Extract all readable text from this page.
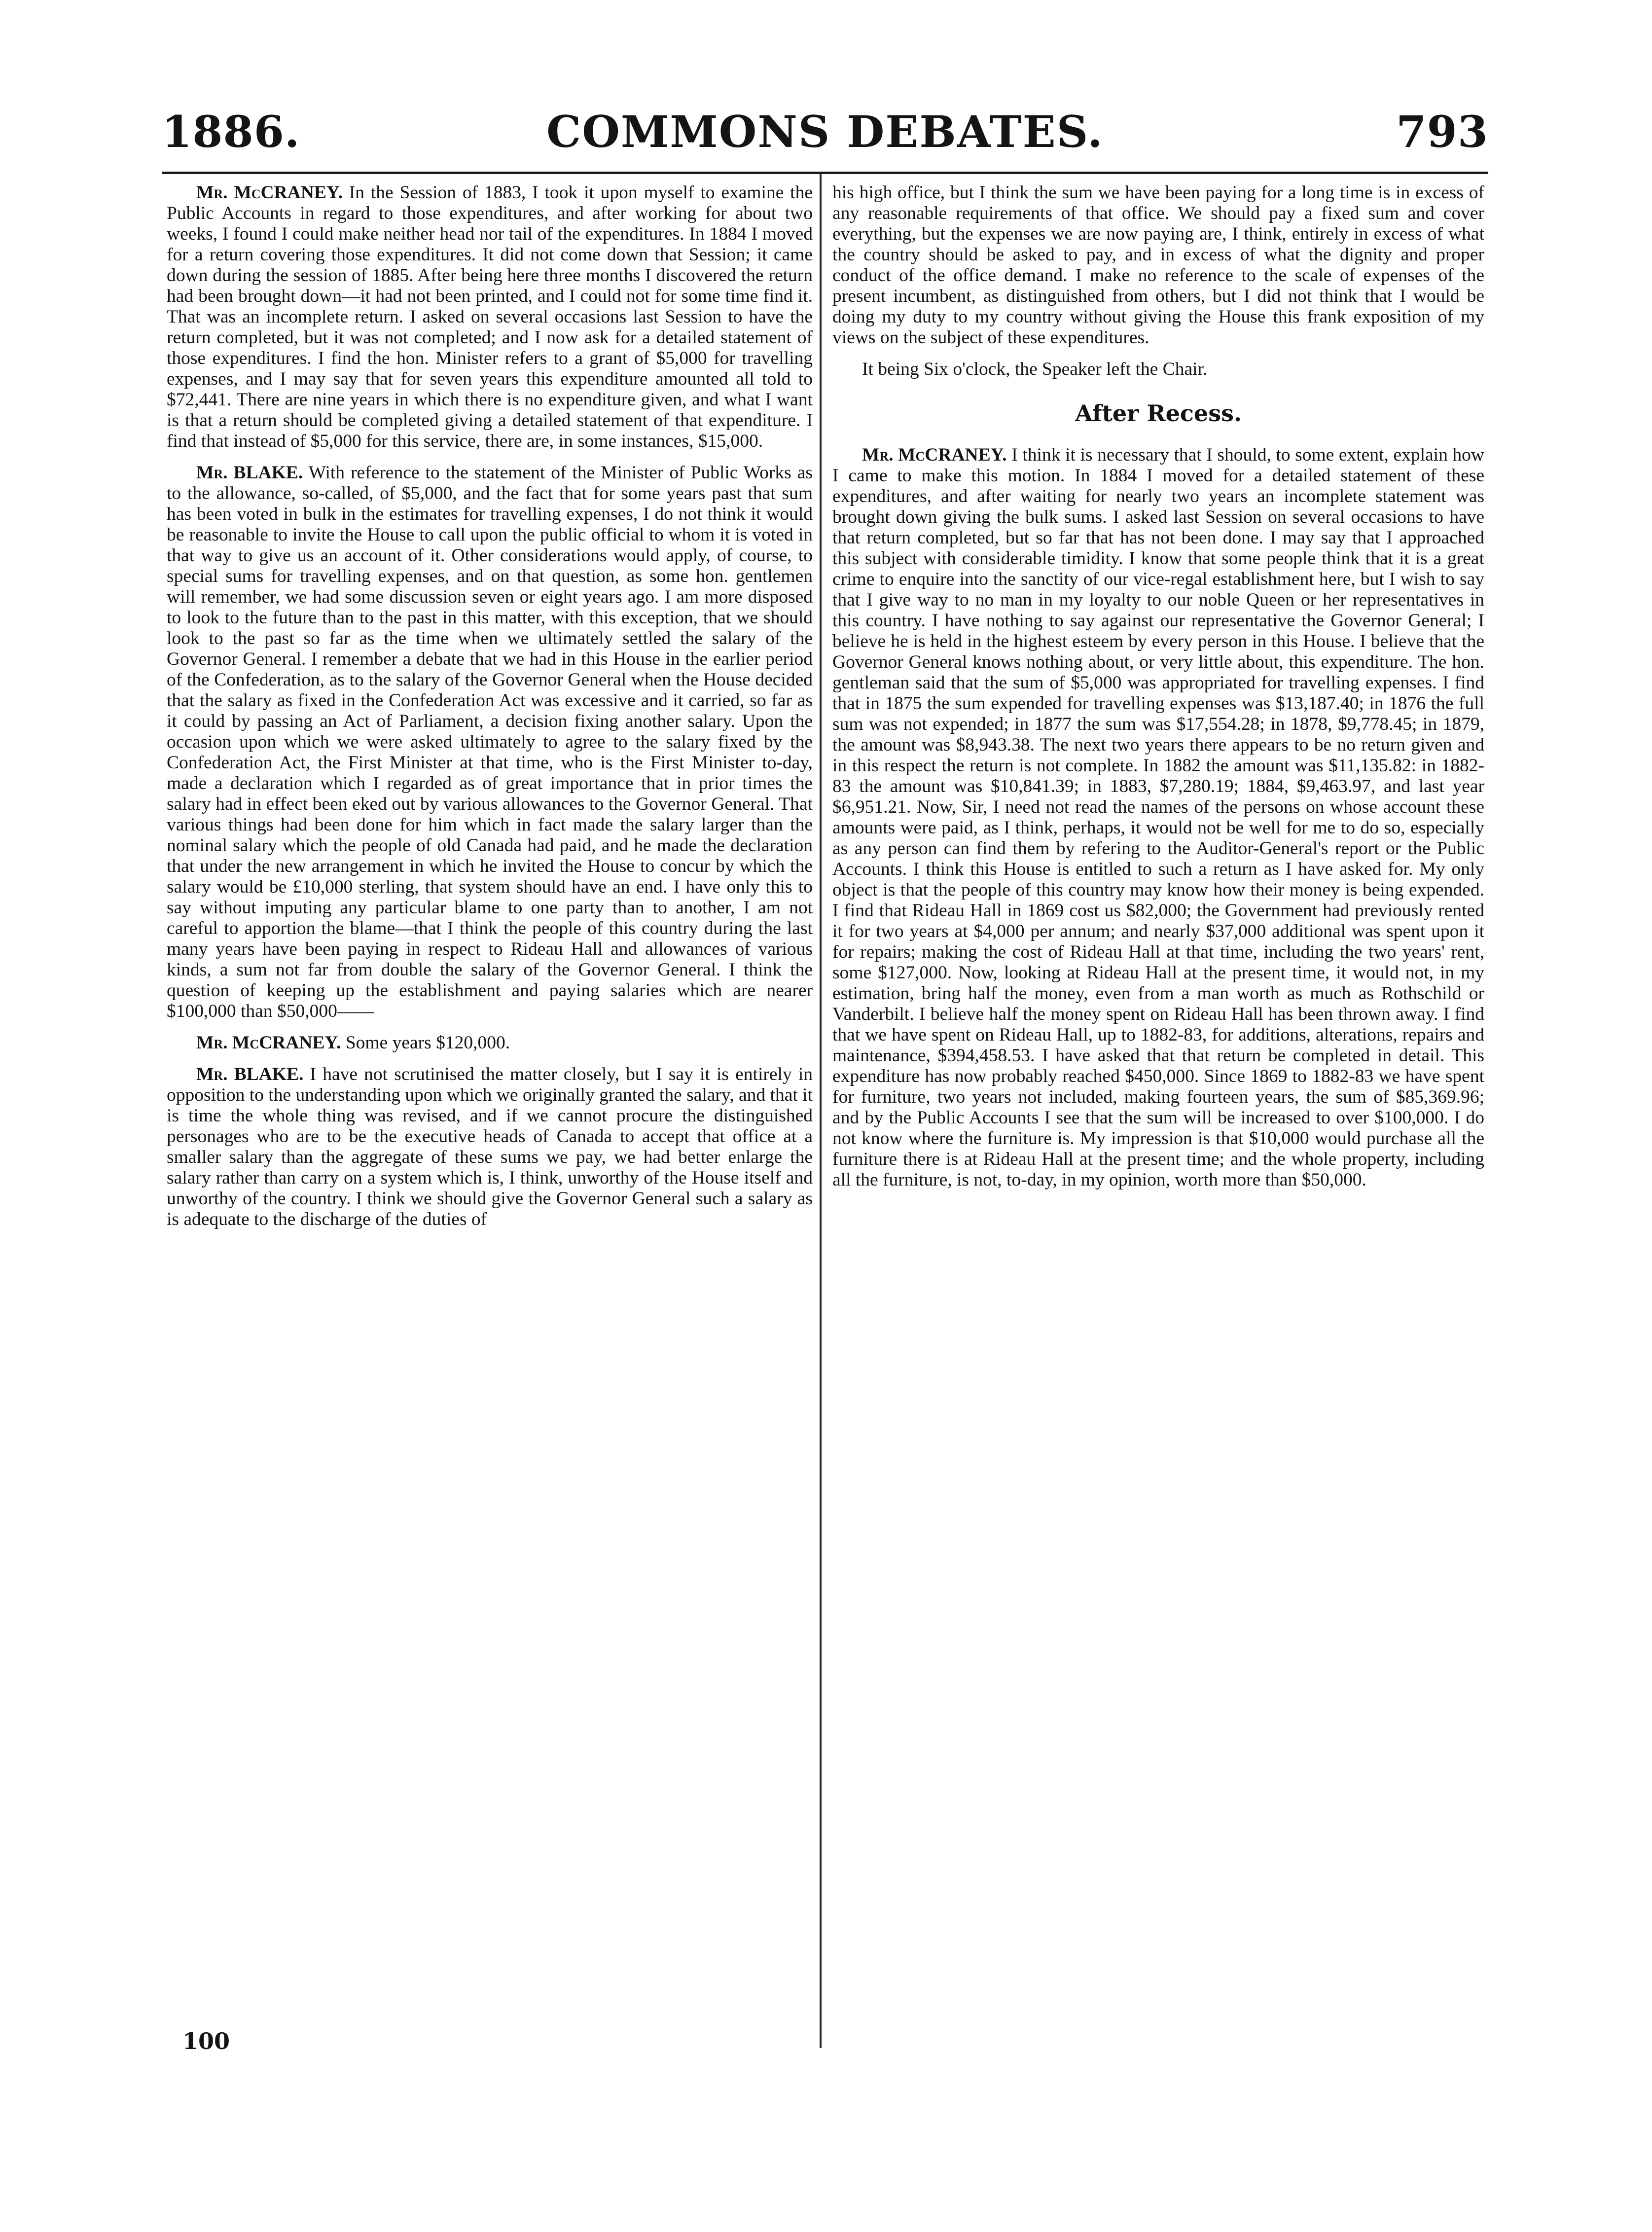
1886.	COMMONS DEBATES.	793

Mr. McCRANEY. In the Session of 1883, I took it upon myself to examine the Public Accounts in regard to those expenditures, and after working for about two weeks, I found I could make neither head nor tail of the expenditures. In 1884 I moved for a return covering those expenditures. It did not come down that Session; it came down during the session of 1885. After being here three months I discovered the return had been brought down—it had not been printed, and I could not for some time find it. That was an incomplete return. I asked on several occasions last Session to have the return completed, but it was not completed; and I now ask for a detailed statement of those expenditures. I find the hon. Minister refers to a grant of $5,000 for travelling expenses, and I may say that for seven years this expenditure amounted all told to $72,441. There are nine years in which there is no expenditure given, and what I want is that a return should be completed giving a detailed statement of that expenditure. I find that instead of $5,000 for this service, there are, in some instances, $15,000.

Mr. BLAKE. With reference to the statement of the Minister of Public Works as to the allowance, so-called, of $5,000, and the fact that for some years past that sum has been voted in bulk in the estimates for travelling expenses, I do not think it would be reasonable to invite the House to call upon the public official to whom it is voted in that way to give us an account of it. Other considerations would apply, of course, to special sums for travelling expenses, and on that question, as some hon. gentlemen will remember, we had some discussion seven or eight years ago. I am more disposed to look to the future than to the past in this matter, with this exception, that we should look to the past so far as the time when we ultimately settled the salary of the Governor General. I remember a debate that we had in this House in the earlier period of the Confederation, as to the salary of the Governor General when the House decided that the salary as fixed in the Confederation Act was excessive and it carried, so far as it could by passing an Act of Parliament, a decision fixing another salary. Upon the occasion upon which we were asked ultimately to agree to the salary fixed by the Confederation Act, the First Minister at that time, who is the First Minister to-day, made a declaration which I regarded as of great importance that in prior times the salary had in effect been eked out by various allowances to the Governor General. That various things had been done for him which in fact made the salary larger than the nominal salary which the people of old Canada had paid, and he made the declaration that under the new arrangement in which he invited the House to concur by which the salary would be £10,000 sterling, that system should have an end. I have only this to say without imputing any particular blame to one party than to another, I am not careful to apportion the blame—that I think the people of this country during the last many years have been paying in respect to Rideau Hall and allowances of various kinds, a sum not far from double the salary of the Governor General. I think the question of keeping up the establishment and paying salaries which are nearer $100,000 than $50,000——

Mr. McCRANEY. Some years $120,000.

Mr. BLAKE. I have not scrutinised the matter closely, but I say it is entirely in opposition to the understanding upon which we originally granted the salary, and that it is time the whole thing was revised, and if we cannot procure the distinguished personages who are to be the executive heads of Canada to accept that office at a smaller salary than the aggregate of these sums we pay, we had better enlarge the salary rather than carry on a system which is, I think, unworthy of the House itself and unworthy of the country. I think we should give the Governor General such a salary as is adequate to the discharge of the duties of

his high office, but I think the sum we have been paying for a long time is in excess of any reasonable requirements of that office. We should pay a fixed sum and cover everything, but the expenses we are now paying are, I think, entirely in excess of what the country should be asked to pay, and in excess of what the dignity and proper conduct of the office demand. I make no reference to the scale of expenses of the present incumbent, as distinguished from others, but I did not think that I would be doing my duty to my country without giving the House this frank exposition of my views on the subject of these expenditures.

It being Six o'clock, the Speaker left the Chair.

After Recess.

Mr. McCRANEY. I think it is necessary that I should, to some extent, explain how I came to make this motion. In 1884 I moved for a detailed statement of these expenditures, and after waiting for nearly two years an incomplete statement was brought down giving the bulk sums. I asked last Session on several occasions to have that return completed, but so far that has not been done. I may say that I approached this subject with considerable timidity. I know that some people think that it is a great crime to enquire into the sanctity of our vice-regal establishment here, but I wish to say that I give way to no man in my loyalty to our noble Queen or her representatives in this country. I have nothing to say against our representative the Governor General; I believe he is held in the highest esteem by every person in this House. I believe that the Governor General knows nothing about, or very little about, this expenditure. The hon. gentleman said that the sum of $5,000 was appropriated for travelling expenses. I find that in 1875 the sum expended for travelling expenses was $13,187.40; in 1876 the full sum was not expended; in 1877 the sum was $17,554.28; in 1878, $9,778.45; in 1879, the amount was $8,943.38. The next two years there appears to be no return given and in this respect the return is not complete. In 1882 the amount was $11,135.82: in 1882-83 the amount was $10,841.39; in 1883, $7,280.19; 1884, $9,463.97, and last year $6,951.21. Now, Sir, I need not read the names of the persons on whose account these amounts were paid, as I think, perhaps, it would not be well for me to do so, especially as any person can find them by refering to the Auditor-General's report or the Public Accounts. I think this House is entitled to such a return as I have asked for. My only object is that the people of this country may know how their money is being expended. I find that Rideau Hall in 1869 cost us $82,000; the Government had previously rented it for two years at $4,000 per annum; and nearly $37,000 additional was spent upon it for repairs; making the cost of Rideau Hall at that time, including the two years' rent, some $127,000. Now, looking at Rideau Hall at the present time, it would not, in my estimation, bring half the money, even from a man worth as much as Rothschild or Vanderbilt. I believe half the money spent on Rideau Hall has been thrown away. I find that we have spent on Rideau Hall, up to 1882-83, for additions, alterations, repairs and maintenance, $394,458.53. I have asked that that return be completed in detail. This expenditure has now probably reached $450,000. Since 1869 to 1882-83 we have spent for furniture, two years not included, making fourteen years, the sum of $85,369.96; and by the Public Accounts I see that the sum will be increased to over $100,000. I do not know where the furniture is. My impression is that $10,000 would purchase all the furniture there is at Rideau Hall at the present time; and the whole property, including all the furniture, is not, to-day, in my opinion, worth more than $50,000.

100
